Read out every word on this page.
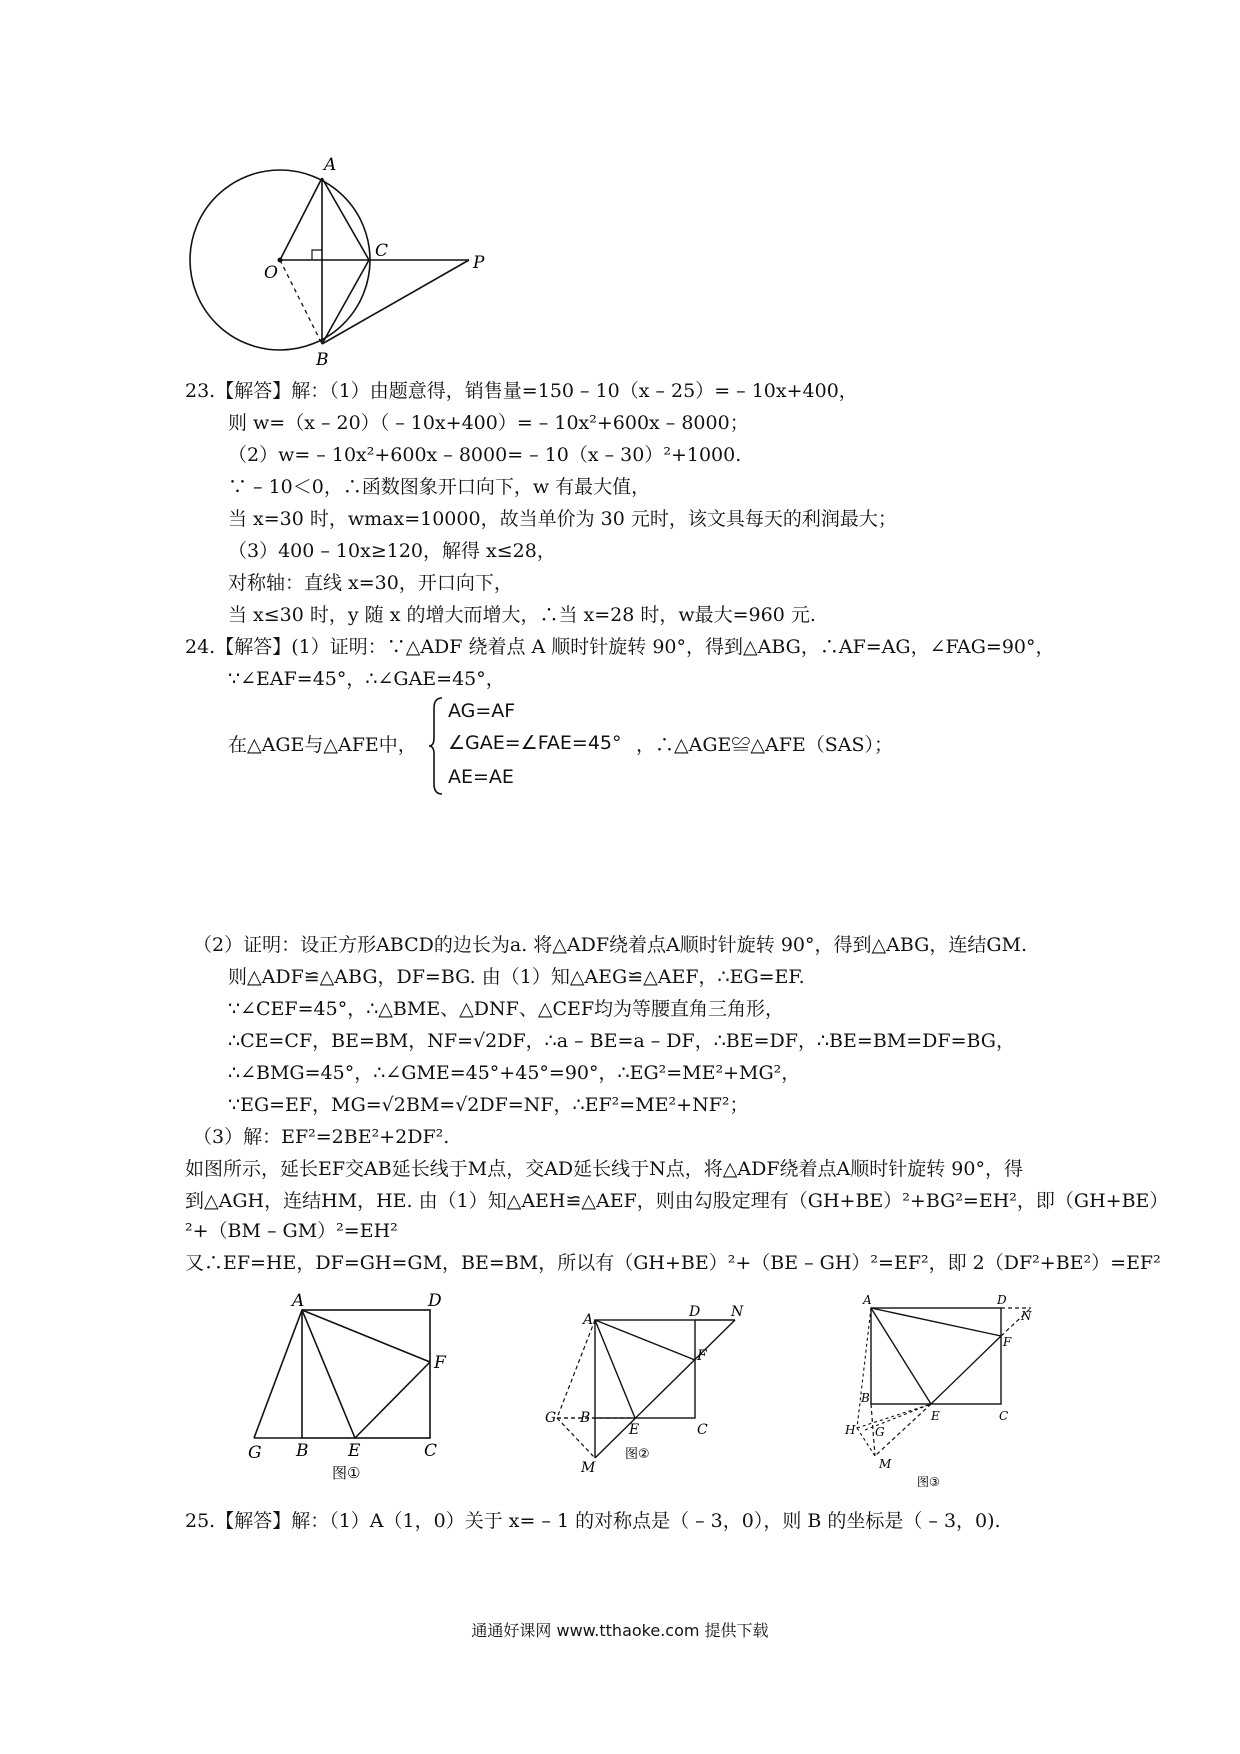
A
C
O	P
B
23.【解答】解：（1）由题意得，销售量=150 – 10（x – 25）= – 10x+400，
则 w=（x – 20）（ – 10x+400）= – 10x²+600x – 8000；
（2）w= – 10x²+600x – 8000= – 10（x – 30）²+1000.
∵ – 10＜0，∴函数图象开口向下，w 有最大值，
当 x=30 时，wmax=10000，故当单价为 30 元时，该文具每天的利润最大；
（3）400 – 10x≥120，解得 x≤28，
对称轴：直线 x=30，开口向下，
当 x≤30 时，y 随 x 的增大而增大，∴当 x=28 时，w最大=960 元.
24.【解答】(1）证明：∵△ADF 绕着点 A 顺时针旋转 90°，得到△ABG，∴AF=AG，∠FAG=90°，
∵∠EAF=45°，∴∠GAE=45°，
在△AGE与△AFE中，
AG=AF
∠GAE=∠FAE=45°
AE=AE
，∴△AGE≌△AFE（SAS）；
（2）证明：设正方形ABCD的边长为a. 将△ADF绕着点A顺时针旋转 90°，得到△ABG，连结GM.
则△ADF≌△ABG，DF=BG. 由（1）知△AEG≌△AEF，∴EG=EF.
∵∠CEF=45°，∴△BME、△DNF、△CEF均为等腰直角三角形，
∴CE=CF，BE=BM，NF=√2DF，∴a – BE=a – DF，∴BE=DF，∴BE=BM=DF=BG，
∴∠BMG=45°，∴∠GME=45°+45°=90°，∴EG²=ME²+MG²，
∵EG=EF，MG=√2BM=√2DF=NF，∴EF²=ME²+NF²；
（3）解：EF²=2BE²+2DF².
如图所示，延长EF交AB延长线于M点，交AD延长线于N点，将△ADF绕着点A顺时针旋转 90°，得
到△AGH，连结HM，HE. 由（1）知△AEH≌△AEF，则由勾股定理有（GH+BE）²+BG²=EH²，即（GH+BE）
²+（BM – GM）²=EH²
又∴EF=HE，DF=GH=GM，BE=BM，所以有（GH+BE）²+（BE – GH）²=EF²，即 2（DF²+BE²）=EF²
A	D
F
G B E	C
图①
A	D N
F
G B
E	C
M
图②
A	D
N
F
B
E	C
H G
M
图③
25.【解答】解：（1）A（1，0）关于 x= – 1 的对称点是（ – 3，0），则 B 的坐标是（ – 3，0).
通通好课网 www.tthaoke.com 提供下载
